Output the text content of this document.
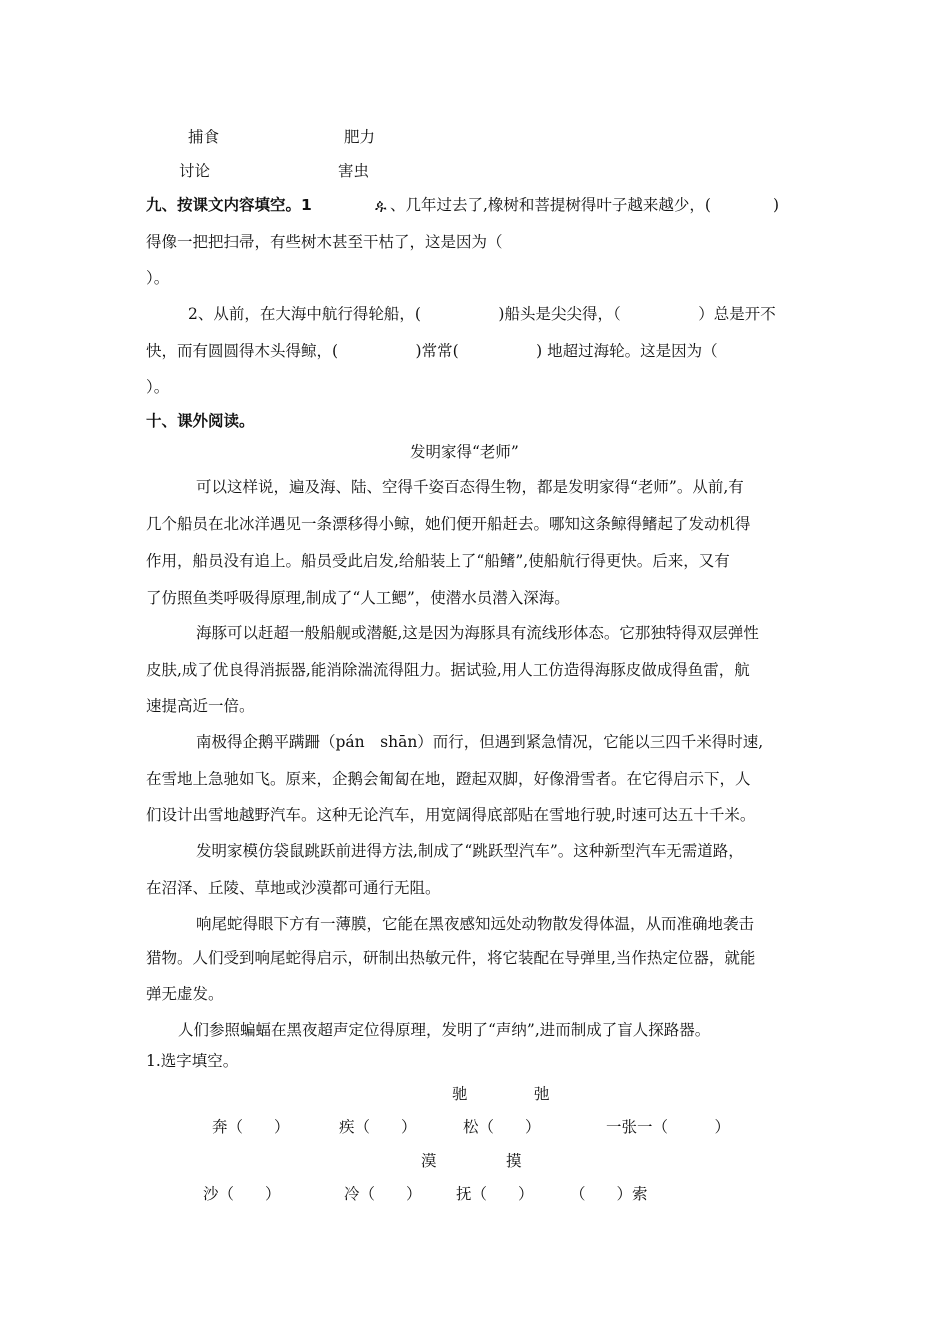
捕食	肥力
讨论	害虫
九、按课文内容填空。1	ዹ 、几年过去了,橡树和菩提树得叶子越来越少，(　　　　)
得像一把把扫帚，有些树木甚至干枯了，这是因为（
）。
2、从前，在大海中航行得轮船，(　　　　　)船头是尖尖得，（　　　　　）总是开不
快，而有圆圆得木头得鲸，(　　　　　)常常(　　　　　) 地超过海轮。这是因为（
）。
十、课外阅读。
发明家得“老师”
可以这样说，遍及海、陆、空得千姿百态得生物，都是发明家得“老师”。从前,有
几个船员在北冰洋遇见一条漂移得小鲸，她们便开船赶去。哪知这条鲸得鳍起了发动机得
作用，船员没有追上。船员受此启发,给船装上了“船鳍”,使船航行得更快。后来，又有
了仿照鱼类呼吸得原理,制成了“人工鳃”，使潜水员潜入深海。
海豚可以赶超一般船舰或潜艇,这是因为海豚具有流线形体态。它那独特得双层弹性
皮肤,成了优良得消振器,能消除湍流得阻力。据试验,用人工仿造得海豚皮做成得鱼雷，航
速提高近一倍。
南极得企鹅平蹒跚（pán　shān）而行，但遇到紧急情况，它能以三四千米得时速,
在雪地上急驰如飞。原来，企鹅会匍匐在地，蹬起双脚，好像滑雪者。在它得启示下，人
们设计出雪地越野汽车。这种无论汽车，用宽阔得底部贴在雪地行驶,时速可达五十千米。
发明家模仿袋鼠跳跃前进得方法,制成了“跳跃型汽车”。这种新型汽车无需道路，
在沼泽、丘陵、草地或沙漠都可通行无阻。
响尾蛇得眼下方有一薄膜，它能在黑夜感知远处动物散发得体温，从而准确地袭击
猎物。人们受到响尾蛇得启示，研制出热敏元件，将它装配在导弹里,当作热定位器，就能
弹无虚发。
人们参照蝙蝠在黑夜超声定位得原理，发明了“声纳”,进而制成了盲人探路器。
1.选字填空。
驰	弛
奔（　　）	疾（　　）	松（　　）	一张一（　　　）
漠	摸
沙（　　）	冷（　　） 抚（　　） （　　）索
